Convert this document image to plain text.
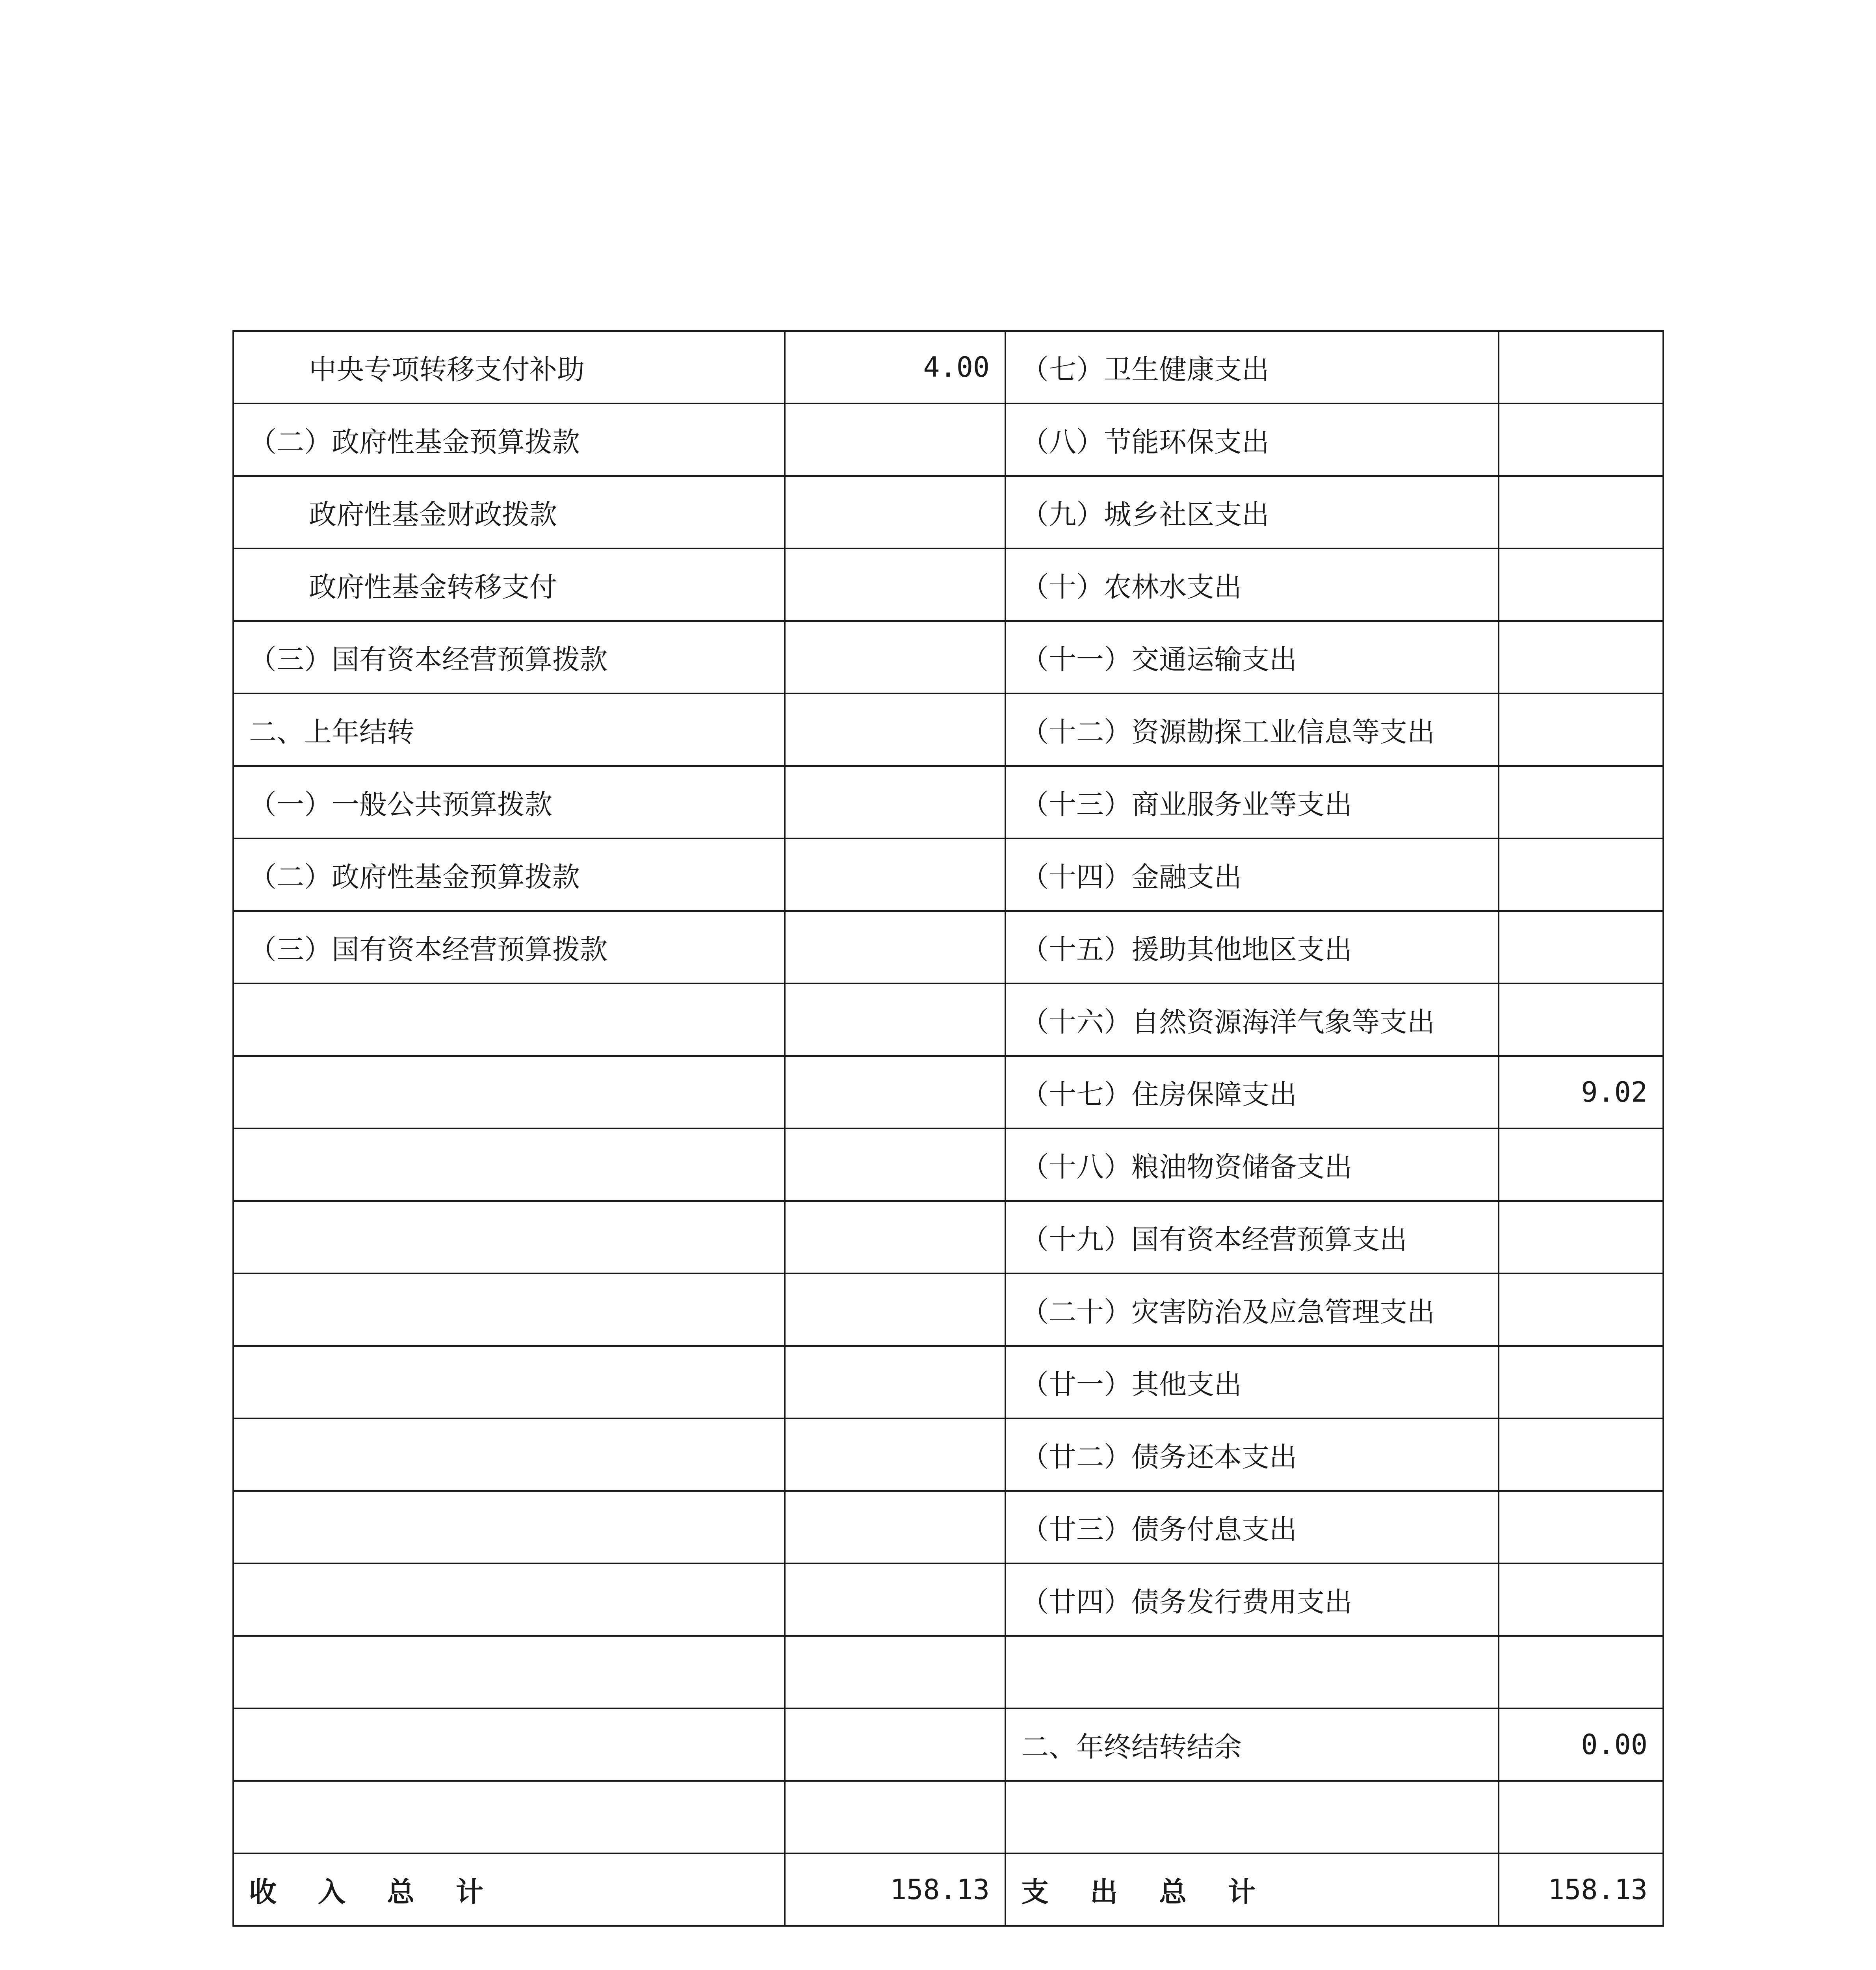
中央专项转移支付补助	4.00	（七）卫生健康支出	
（二）政府性基金预算拨款		（八）节能环保支出	
政府性基金财政拨款		（九）城乡社区支出	
政府性基金转移支付		（十）农林水支出	
（三）国有资本经营预算拨款		（十一）交通运输支出	
二、上年结转		（十二）资源勘探工业信息等支出	
（一）一般公共预算拨款		（十三）商业服务业等支出	
（二）政府性基金预算拨款		（十四）金融支出	
（三）国有资本经营预算拨款		（十五）援助其他地区支出	
		（十六）自然资源海洋气象等支出	
		（十七）住房保障支出	9.02
		（十八）粮油物资储备支出	
		（十九）国有资本经营预算支出	
		（二十）灾害防治及应急管理支出	
		（廿一）其他支出	
		（廿二）债务还本支出	
		（廿三）债务付息支出	
		（廿四）债务发行费用支出	

		二、年终结转结余	0.00

收入总计	158.13	支出总计	158.13
